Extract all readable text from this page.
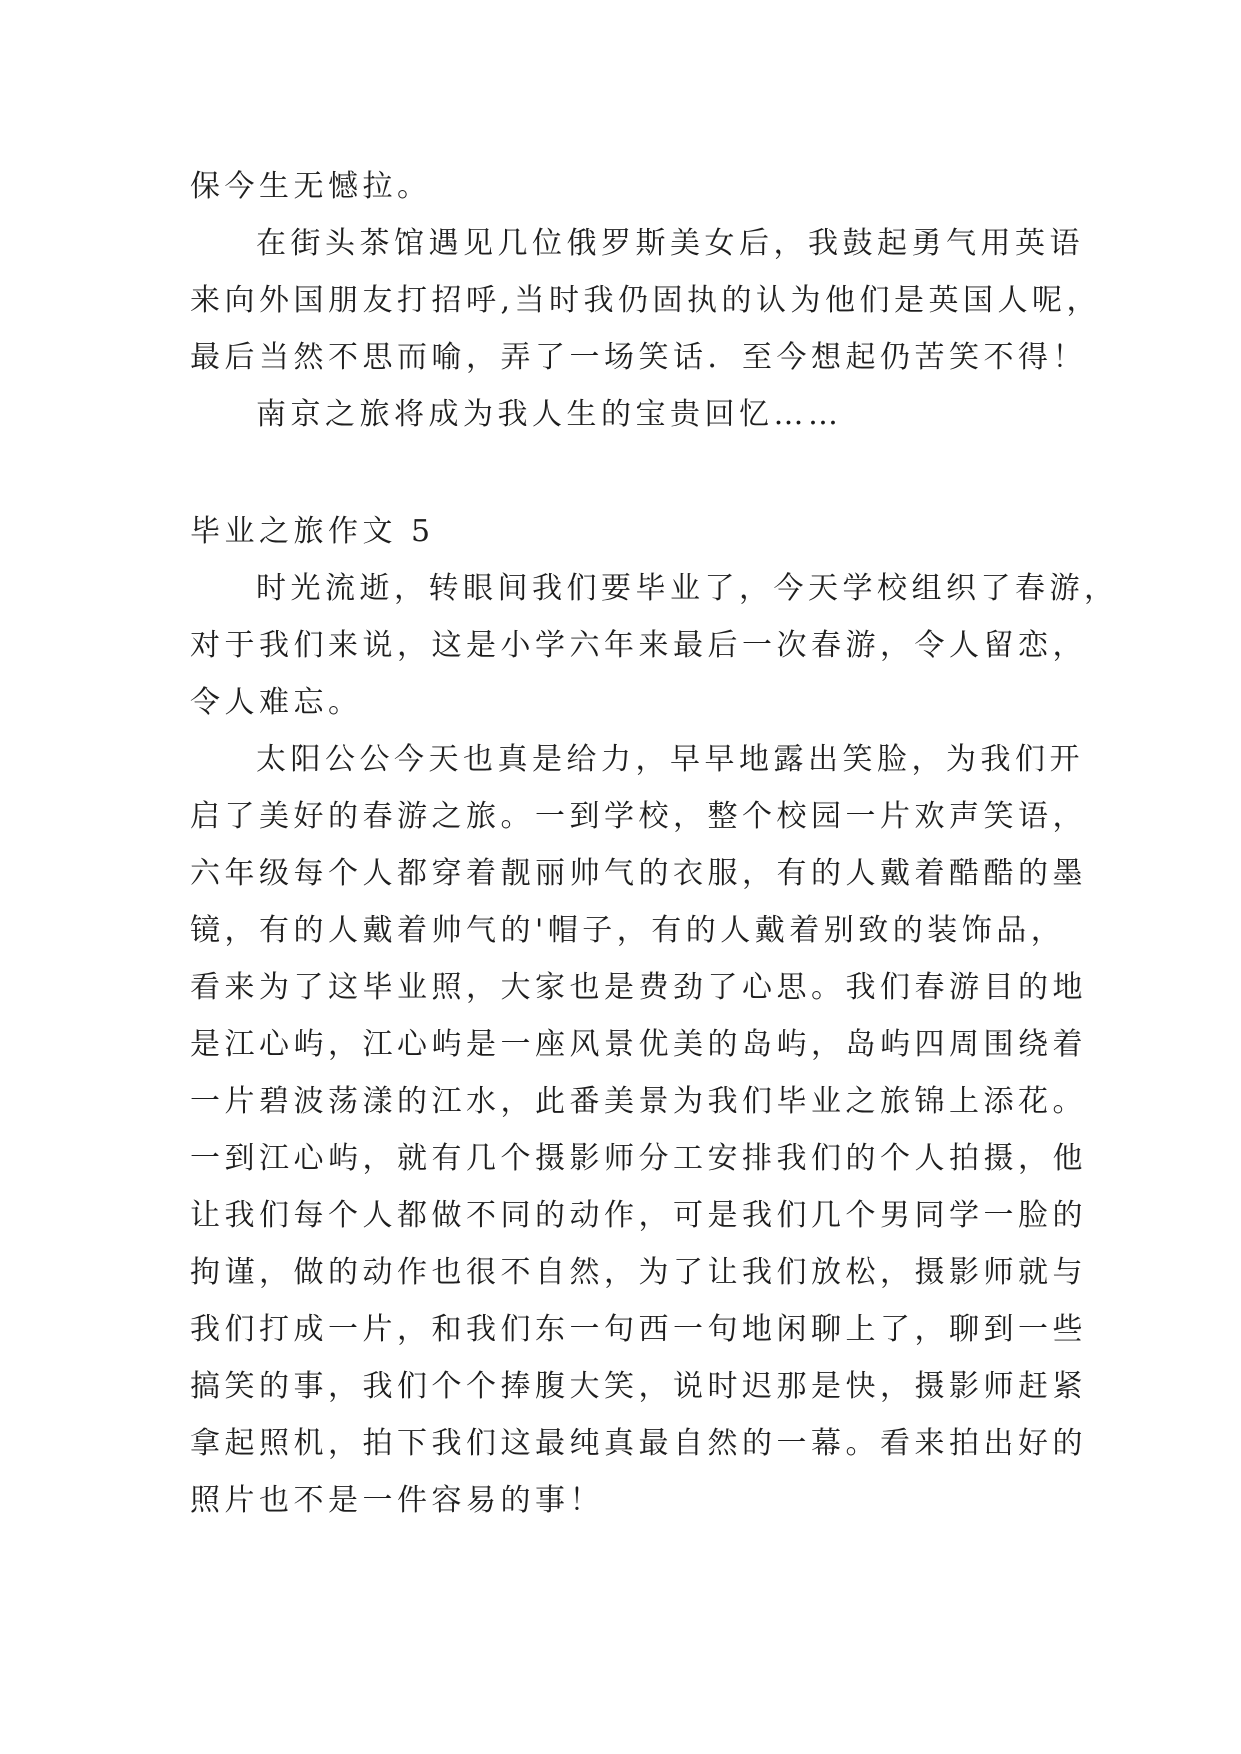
保今生无憾拉。

在街头茶馆遇见几位俄罗斯美女后，我鼓起勇气用英语

来向外国朋友打招呼,当时我仍固执的认为他们是英国人呢，

最后当然不思而喻，弄了一场笑话．至今想起仍苦笑不得！

南京之旅将成为我人生的宝贵回忆……

毕业之旅作文 5

时光流逝，转眼间我们要毕业了，今天学校组织了春游，

对于我们来说，这是小学六年来最后一次春游，令人留恋，

令人难忘。

太阳公公今天也真是给力，早早地露出笑脸，为我们开

启了美好的春游之旅。一到学校，整个校园一片欢声笑语，

六年级每个人都穿着靓丽帅气的衣服，有的人戴着酷酷的墨

镜，有的人戴着帅气的'帽子，有的人戴着别致的装饰品，

看来为了这毕业照，大家也是费劲了心思。我们春游目的地

是江心屿，江心屿是一座风景优美的岛屿，岛屿四周围绕着

一片碧波荡漾的江水，此番美景为我们毕业之旅锦上添花。

一到江心屿，就有几个摄影师分工安排我们的个人拍摄，他

让我们每个人都做不同的动作，可是我们几个男同学一脸的

拘谨，做的动作也很不自然，为了让我们放松，摄影师就与

我们打成一片，和我们东一句西一句地闲聊上了，聊到一些

搞笑的事，我们个个捧腹大笑，说时迟那是快，摄影师赶紧

拿起照机，拍下我们这最纯真最自然的一幕。看来拍出好的

照片也不是一件容易的事！
